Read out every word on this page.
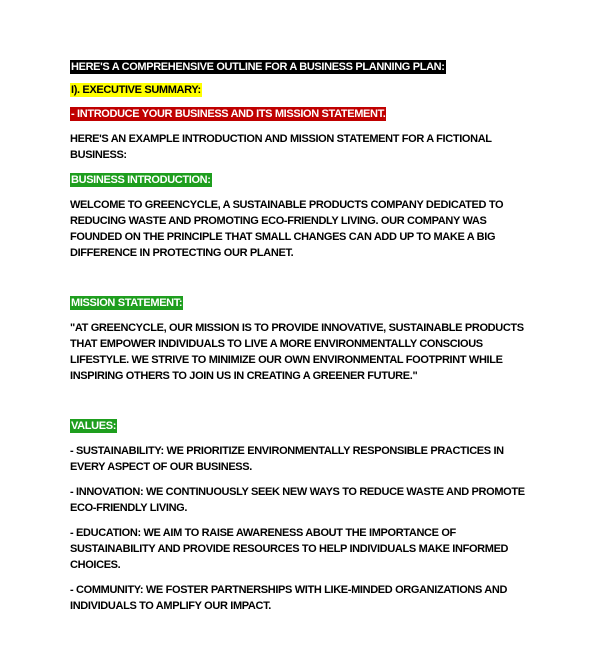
HERE'S A COMPREHENSIVE OUTLINE FOR A BUSINESS PLANNING PLAN:

I). EXECUTIVE SUMMARY:

- INTRODUCE YOUR BUSINESS AND ITS MISSION STATEMENT.

HERE'S AN EXAMPLE INTRODUCTION AND MISSION STATEMENT FOR A FICTIONAL BUSINESS:

BUSINESS INTRODUCTION:

WELCOME TO GREENCYCLE, A SUSTAINABLE PRODUCTS COMPANY DEDICATED TO REDUCING WASTE AND PROMOTING ECO-FRIENDLY LIVING. OUR COMPANY WAS FOUNDED ON THE PRINCIPLE THAT SMALL CHANGES CAN ADD UP TO MAKE A BIG DIFFERENCE IN PROTECTING OUR PLANET.

MISSION STATEMENT:

"AT GREENCYCLE, OUR MISSION IS TO PROVIDE INNOVATIVE, SUSTAINABLE PRODUCTS THAT EMPOWER INDIVIDUALS TO LIVE A MORE ENVIRONMENTALLY CONSCIOUS LIFESTYLE. WE STRIVE TO MINIMIZE OUR OWN ENVIRONMENTAL FOOTPRINT WHILE INSPIRING OTHERS TO JOIN US IN CREATING A GREENER FUTURE."

VALUES:

- SUSTAINABILITY: WE PRIORITIZE ENVIRONMENTALLY RESPONSIBLE PRACTICES IN EVERY ASPECT OF OUR BUSINESS.

- INNOVATION: WE CONTINUOUSLY SEEK NEW WAYS TO REDUCE WASTE AND PROMOTE ECO-FRIENDLY LIVING.

- EDUCATION: WE AIM TO RAISE AWARENESS ABOUT THE IMPORTANCE OF SUSTAINABILITY AND PROVIDE RESOURCES TO HELP INDIVIDUALS MAKE INFORMED CHOICES.

- COMMUNITY: WE FOSTER PARTNERSHIPS WITH LIKE-MINDED ORGANIZATIONS AND INDIVIDUALS TO AMPLIFY OUR IMPACT.
